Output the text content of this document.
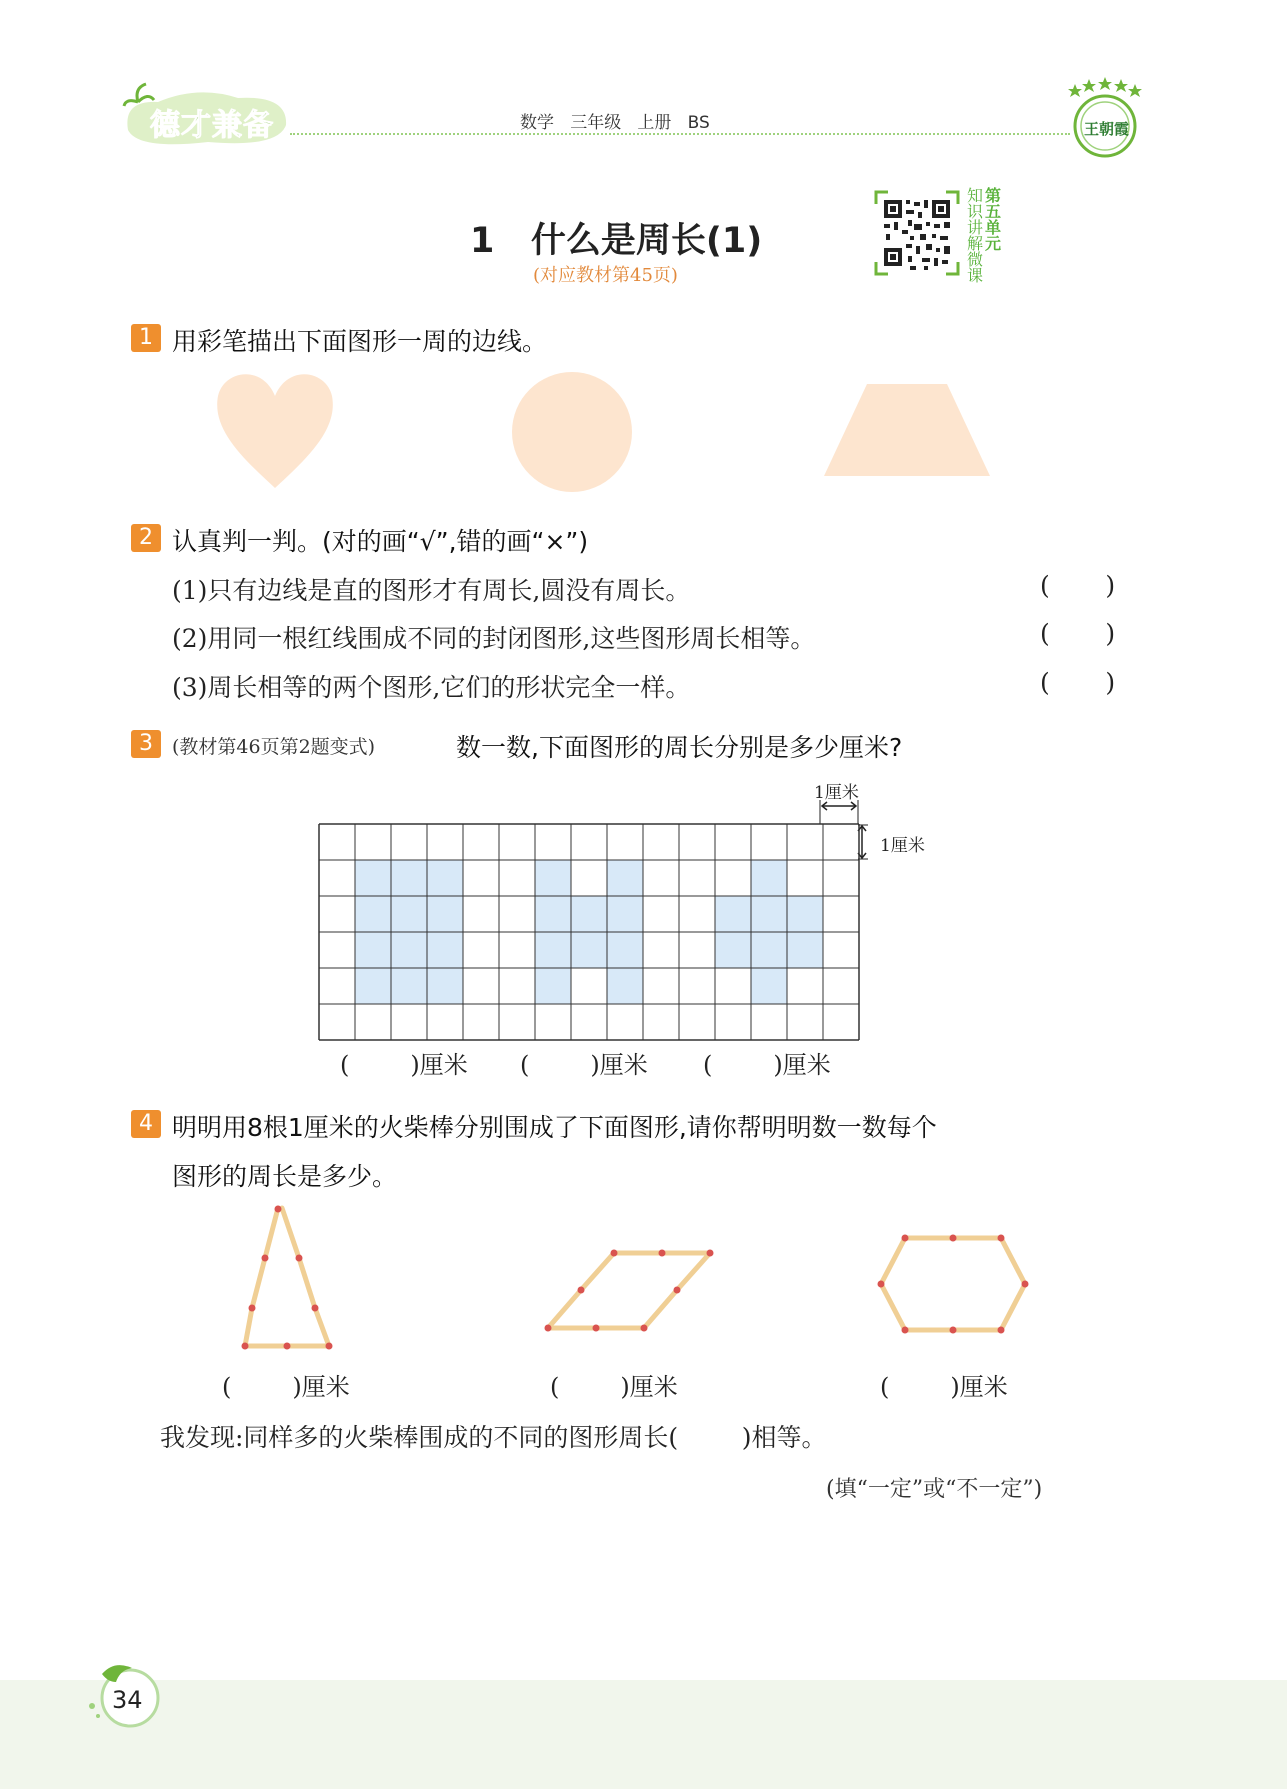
德才兼备	数学   三年级   上册   BS	王朝霞
1   什么是周长(1)
(对应教材第45页)
知识讲解微课第五单元
1 用彩笔描出下面图形一周的边线。
2 认真判一判。(对的画“√”,错的画“×”)
(1)只有边线是直的图形才有周长,圆没有周长。	(       )
(2)用同一根红线围成不同的封闭图形,这些图形周长相等。	(       )
(3)周长相等的两个图形,它们的形状完全一样。	(       )
3	(教材第46页第2题变式)	数一数,下面图形的周长分别是多少厘米?
1厘米
1厘米
(        )厘米 (        )厘米 (        )厘米
4 明明用8根1厘米的火柴棒分别围成了下面图形,请你帮明明数一数每个
图形的周长是多少。
(        )厘米	(        )厘米	(        )厘米
我发现:同样多的火柴棒围成的不同的图形周长(        )相等。
(填“一定”或“不一定”)
34
